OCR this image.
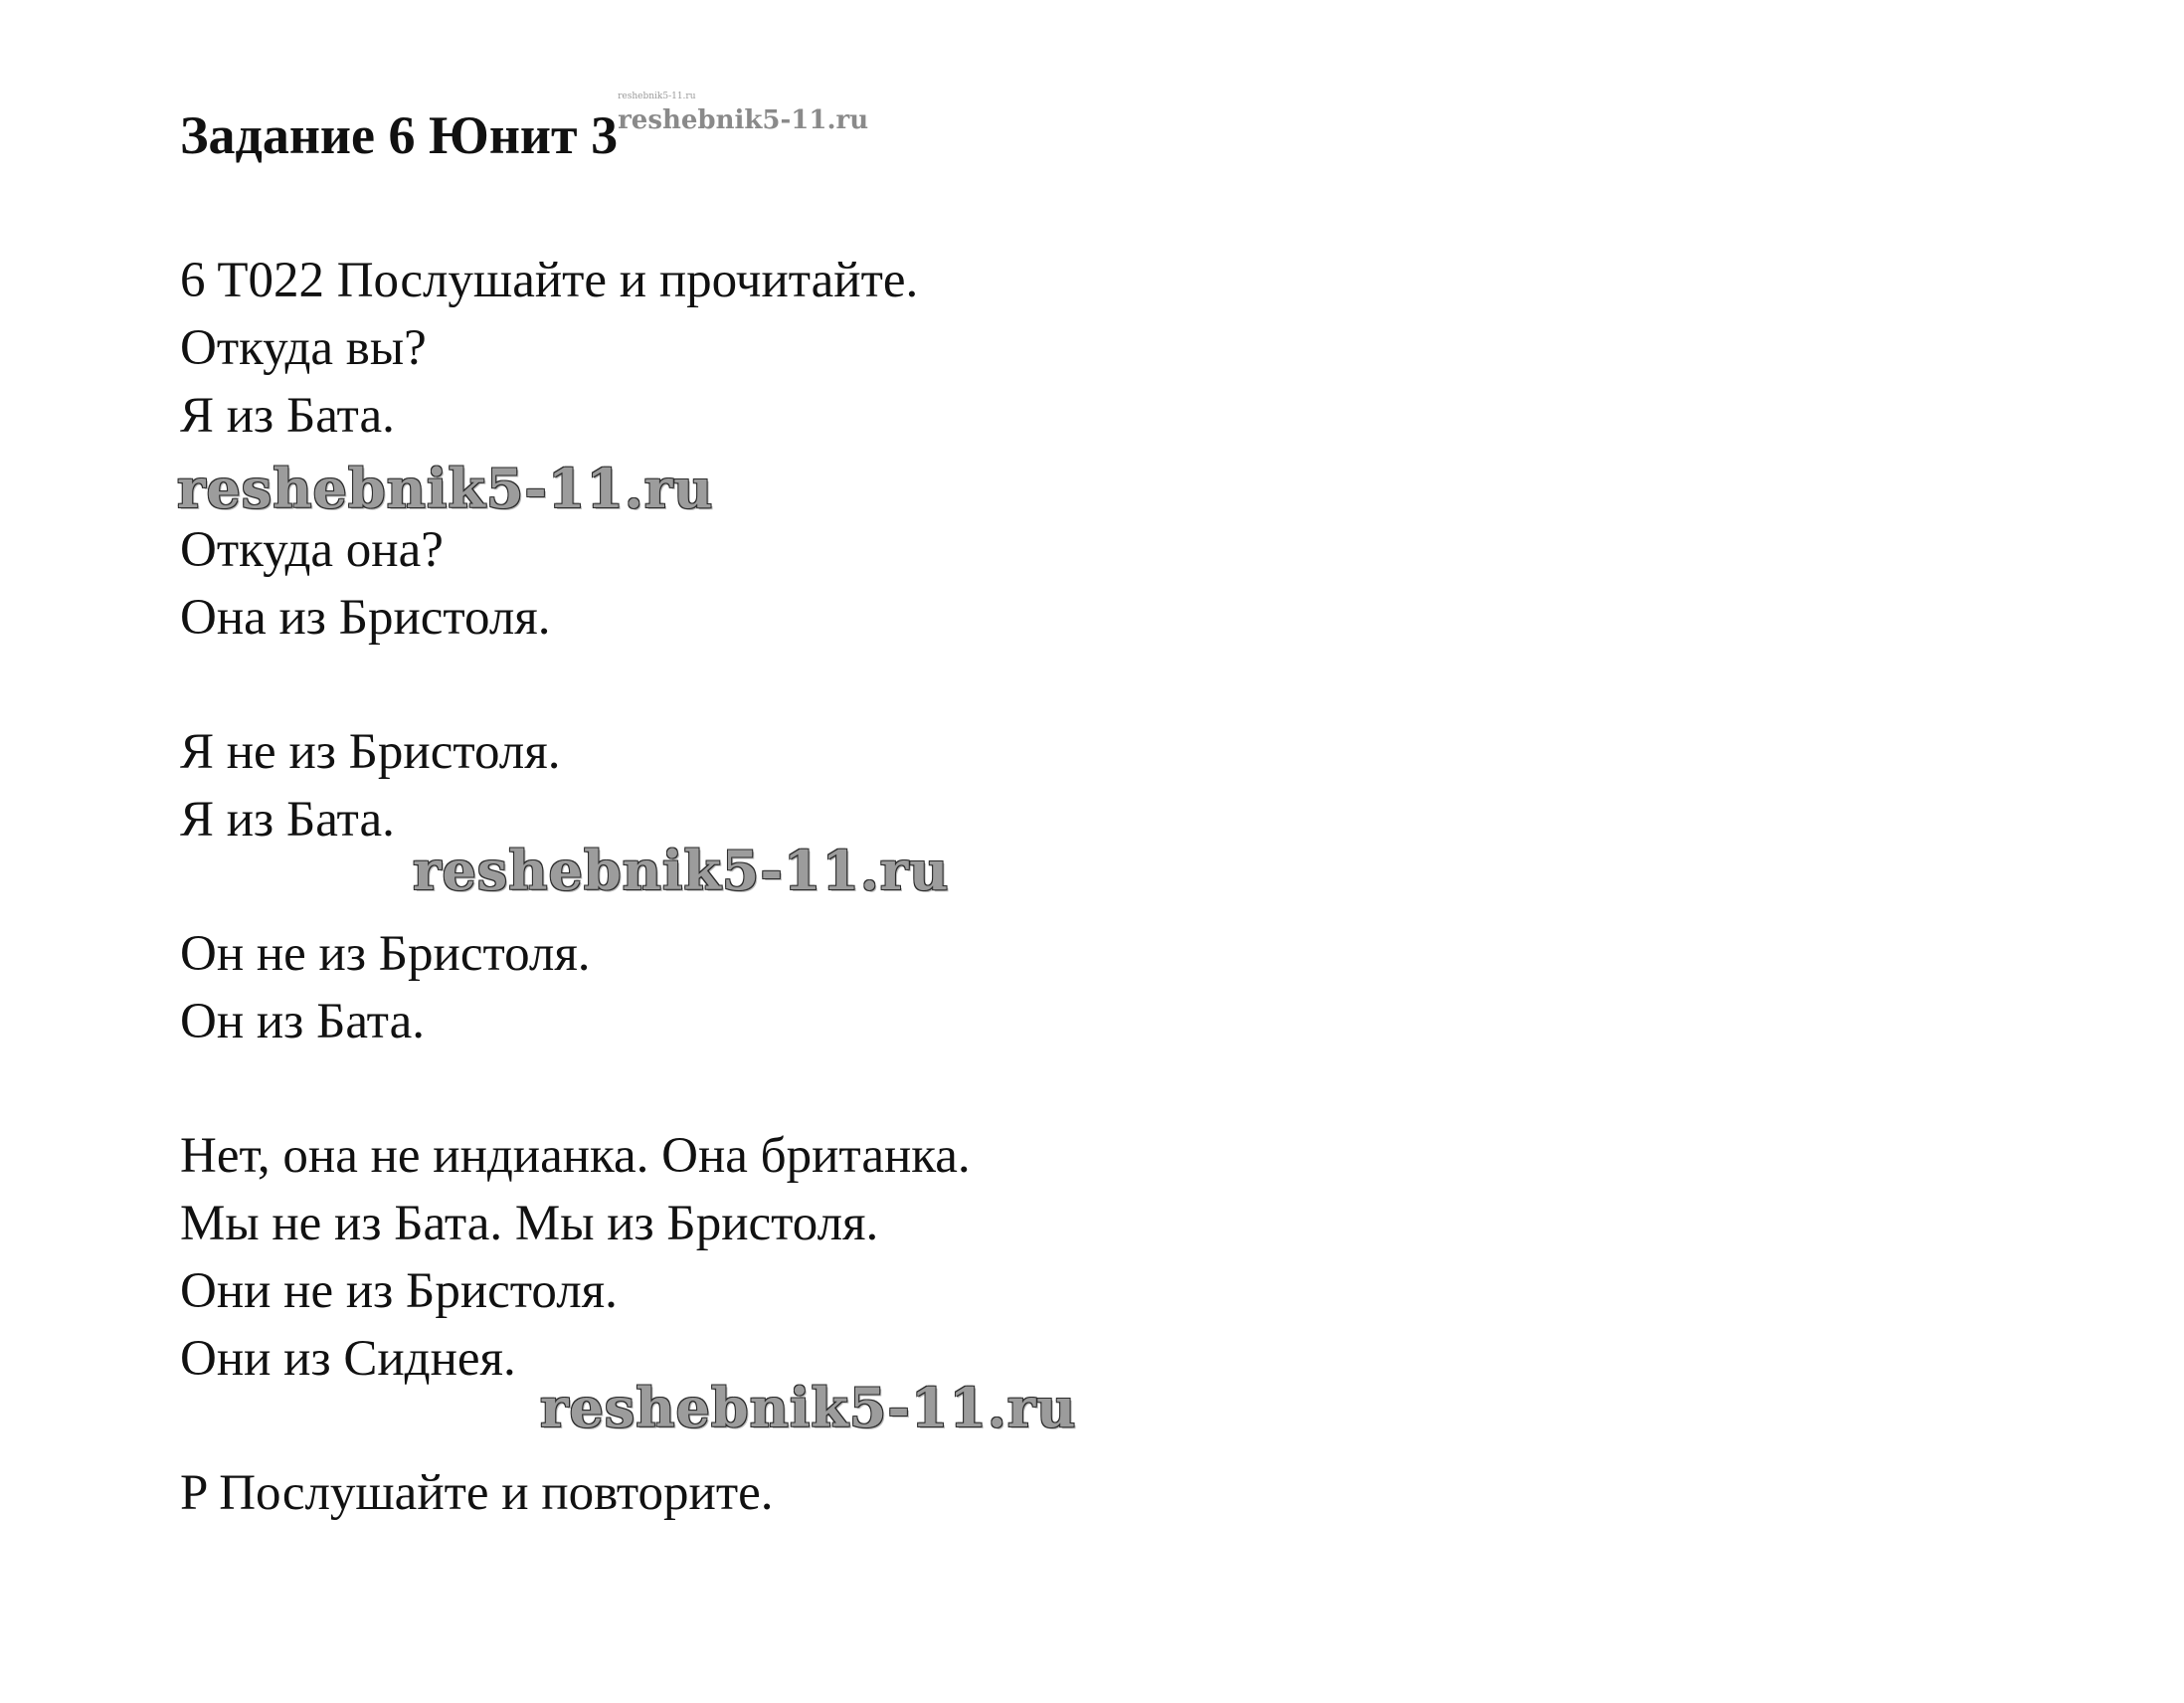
Задание 6 Юнит 3
reshebnik5-11.ru
reshebnik5-11.ru
6 T022 Послушайте и прочитайте.
Откуда вы?
Я из Бата.
reshebnik5-11.ru
Откуда она?
Она из Бристоля.
Я не из Бристоля.
Я из Бата.
reshebnik5-11.ru
Он не из Бристоля.
Он из Бата.
Нет, она не индианка. Она британка.
Мы не из Бата. Мы из Бристоля.
Они не из Бристоля.
Они из Сиднея.
reshebnik5-11.ru
P Послушайте и повторите.
